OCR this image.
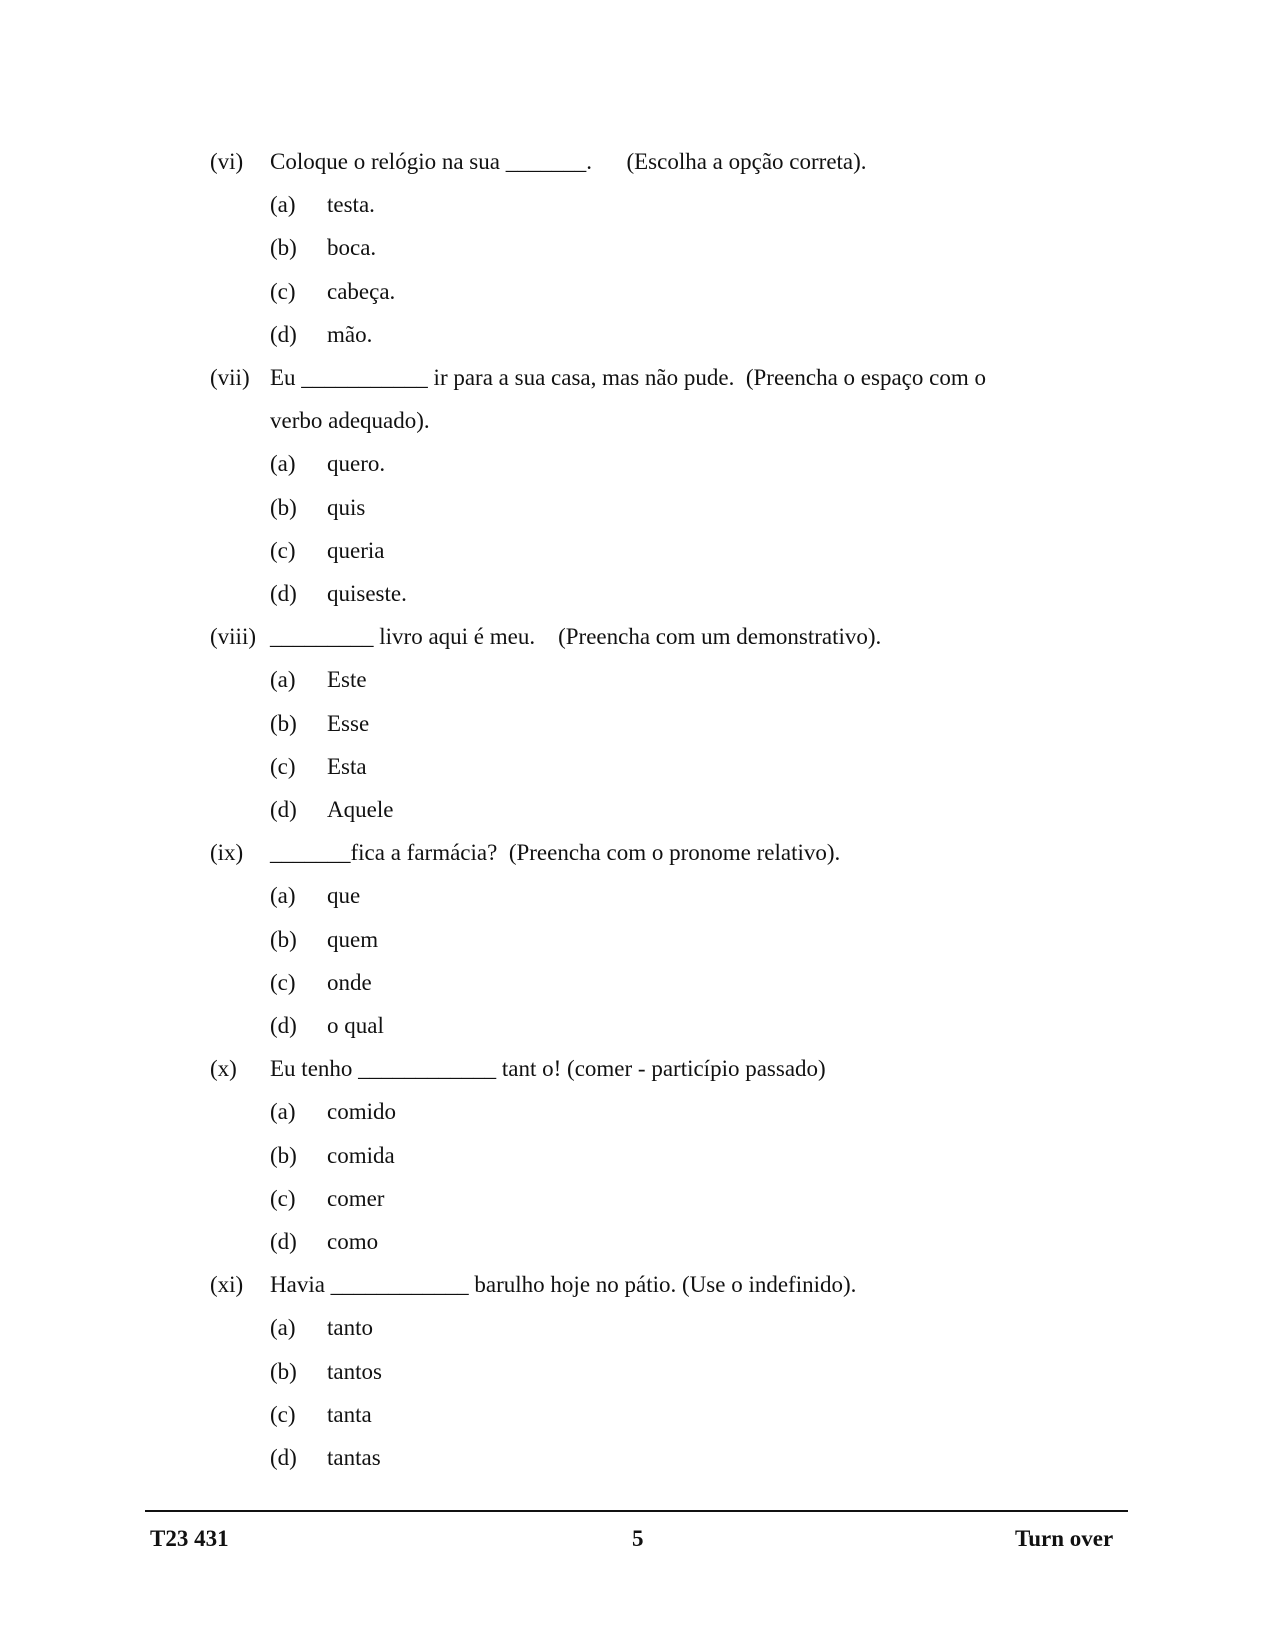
(vi)	Coloque o relógio na sua _______.      (Escolha a opção correta).
(a)	testa.
(b)	boca.
(c)	cabeça.
(d)	mão.
(vii) Eu ___________ ir para a sua casa, mas não pude.  (Preencha o espaço com o
verbo adequado).
(a)	quero.
(b)	quis
(c)	queria
(d)	quiseste.
(viii) _________ livro aqui é meu.    (Preencha com um demonstrativo).
(a)	Este
(b)	Esse
(c)	Esta
(d)	Aquele
(ix)	_______fica a farmácia?  (Preencha com o pronome relativo).
(a)	que
(b)	quem
(c)	onde
(d)	o qual
(x)	Eu tenho ____________ tant o! (comer - particípio passado)
(a)	comido
(b)	comida
(c)	comer
(d)	como
(xi)	Havia ____________ barulho hoje no pátio. (Use o indefinido).
(a)	tanto
(b)	tantos
(c)	tanta
(d)	tantas
T23 431	5	Turn over
